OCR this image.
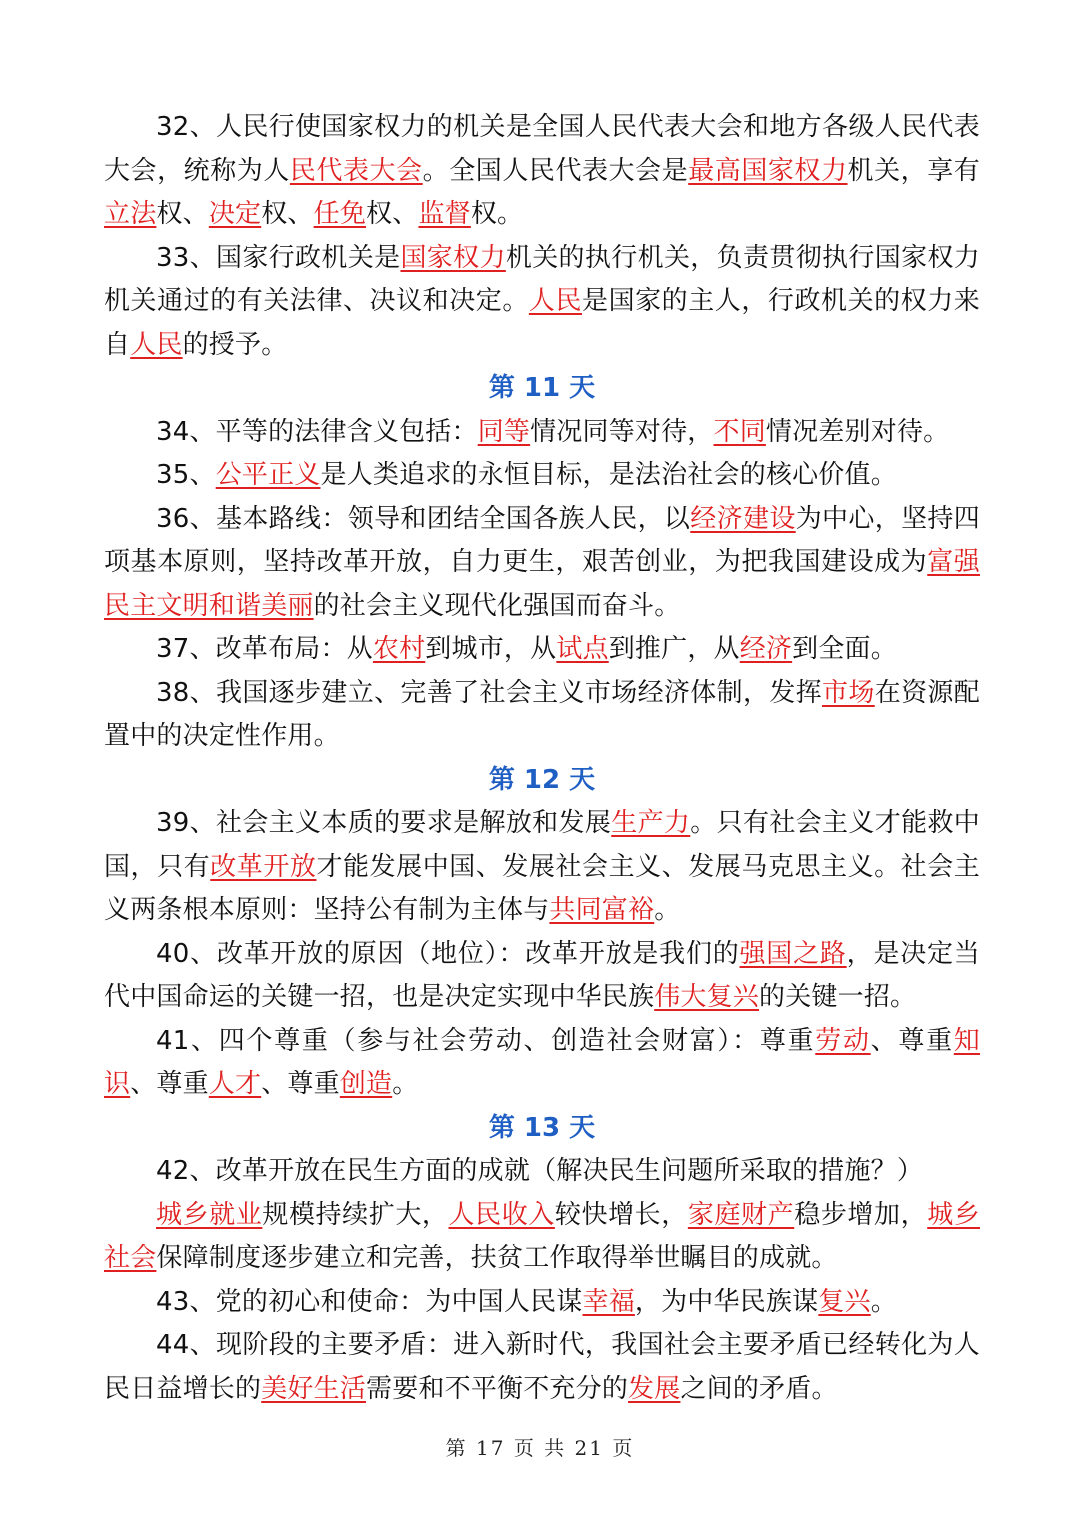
32、人民行使国家权力的机关是全国人民代表大会和地方各级人民代表大会，统称为人民代表大会。全国人民代表大会是最高国家权力机关，享有立法权、决定权、任免权、监督权。

33、国家行政机关是国家权力机关的执行机关，负责贯彻执行国家权力机关通过的有关法律、决议和决定。人民是国家的主人，行政机关的权力来自人民的授予。

第 11 天

34、平等的法律含义包括：同等情况同等对待，不同情况差别对待。

35、公平正义是人类追求的永恒目标，是法治社会的核心价值。

36、基本路线：领导和团结全国各族人民，以经济建设为中心，坚持四项基本原则，坚持改革开放，自力更生，艰苦创业，为把我国建设成为富强民主文明和谐美丽的社会主义现代化强国而奋斗。

37、改革布局：从农村到城市，从试点到推广，从经济到全面。

38、我国逐步建立、完善了社会主义市场经济体制，发挥市场在资源配置中的决定性作用。

第 12 天

39、社会主义本质的要求是解放和发展生产力。只有社会主义才能救中国，只有改革开放才能发展中国、发展社会主义、发展马克思主义。社会主义两条根本原则：坚持公有制为主体与共同富裕。

40、改革开放的原因（地位）：改革开放是我们的强国之路，是决定当代中国命运的关键一招，也是决定实现中华民族伟大复兴的关键一招。

41、四个尊重（参与社会劳动、创造社会财富）：尊重劳动、尊重知识、尊重人才、尊重创造。

第 13 天

42、改革开放在民生方面的成就（解决民生问题所采取的措施？）

城乡就业规模持续扩大，人民收入较快增长，家庭财产稳步增加，城乡社会保障制度逐步建立和完善，扶贫工作取得举世瞩目的成就。

43、党的初心和使命：为中国人民谋幸福，为中华民族谋复兴。

44、现阶段的主要矛盾：进入新时代，我国社会主要矛盾已经转化为人民日益增长的美好生活需要和不平衡不充分的发展之间的矛盾。

第 17 页 共 21 页
